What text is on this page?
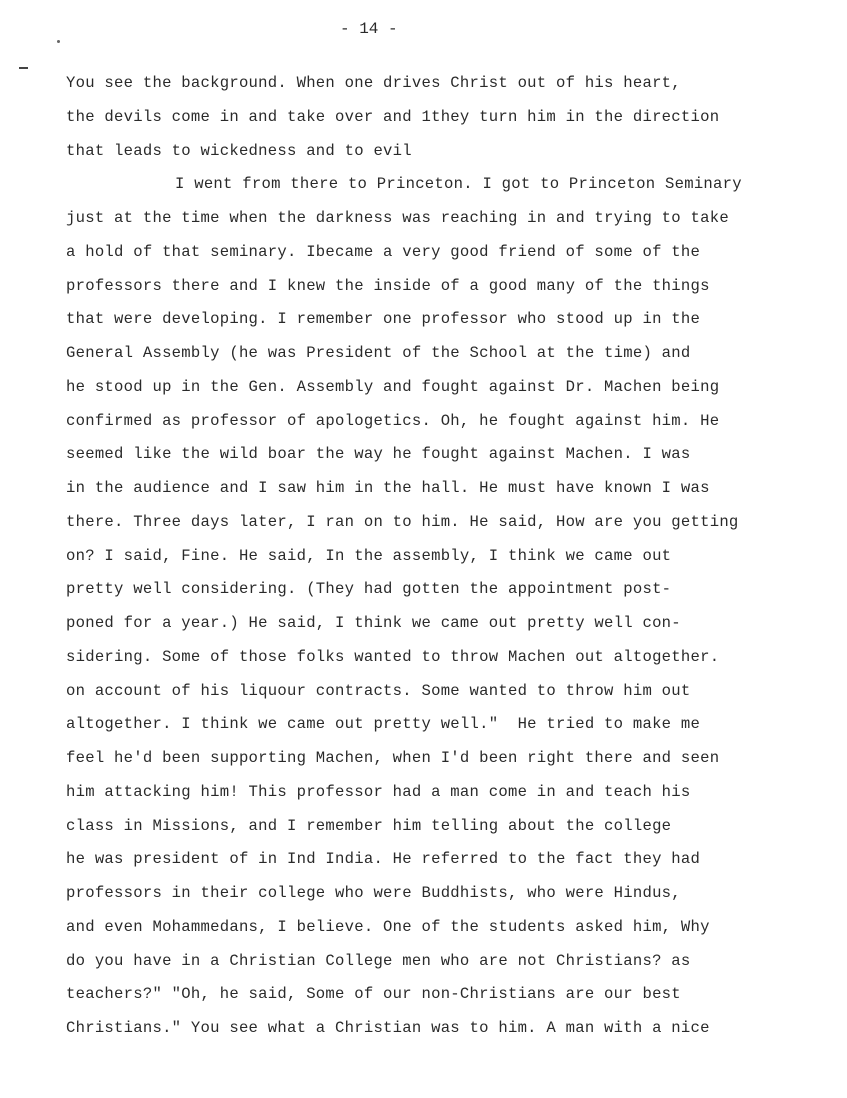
- 14 -
You see the background. When one drives Christ out of his heart,
the devils come in and take over and 1they turn him in the direction
that leads to wickedness and to evil
I went from there to Princeton. I got to Princeton Seminary
just at the time when the darkness was reaching in and trying to take
a hold of that seminary. Ibecame a very good friend of some of the
professors there and I knew the inside of a good many of the things
that were developing. I remember one professor who stood up in the
General Assembly (he was President of the School at the time) and
he stood up in the Gen. Assembly and fought against Dr. Machen being
confirmed as professor of apologetics. Oh, he fought against him. He
seemed like the wild boar the way he fought against Machen. I was
in the audience and I saw him in the hall. He must have known I was
there. Three days later, I ran on to him. He said, How are you getting
on? I said, Fine. He said, In the assembly, I think we came out
pretty well considering. (They had gotten the appointment post-
poned for a year.) He said, I think we came out pretty well con-
sidering. Some of those folks wanted to throw Machen out altogether.
on account of his liquour contracts. Some wanted to throw him out
altogether. I think we came out pretty well."  He tried to make me
feel he'd been supporting Machen, when I'd been right there and seen
him attacking him! This professor had a man come in and teach his
class in Missions, and I remember him telling about the college
he was president of in Ind India. He referred to the fact they had
professors in their college who were Buddhists, who were Hindus,
and even Mohammedans, I believe. One of the students asked him, Why
do you have in a Christian College men who are not Christians? as
teachers?" "Oh, he said, Some of our non-Christians are our best
Christians." You see what a Christian was to him. A man with a nice
